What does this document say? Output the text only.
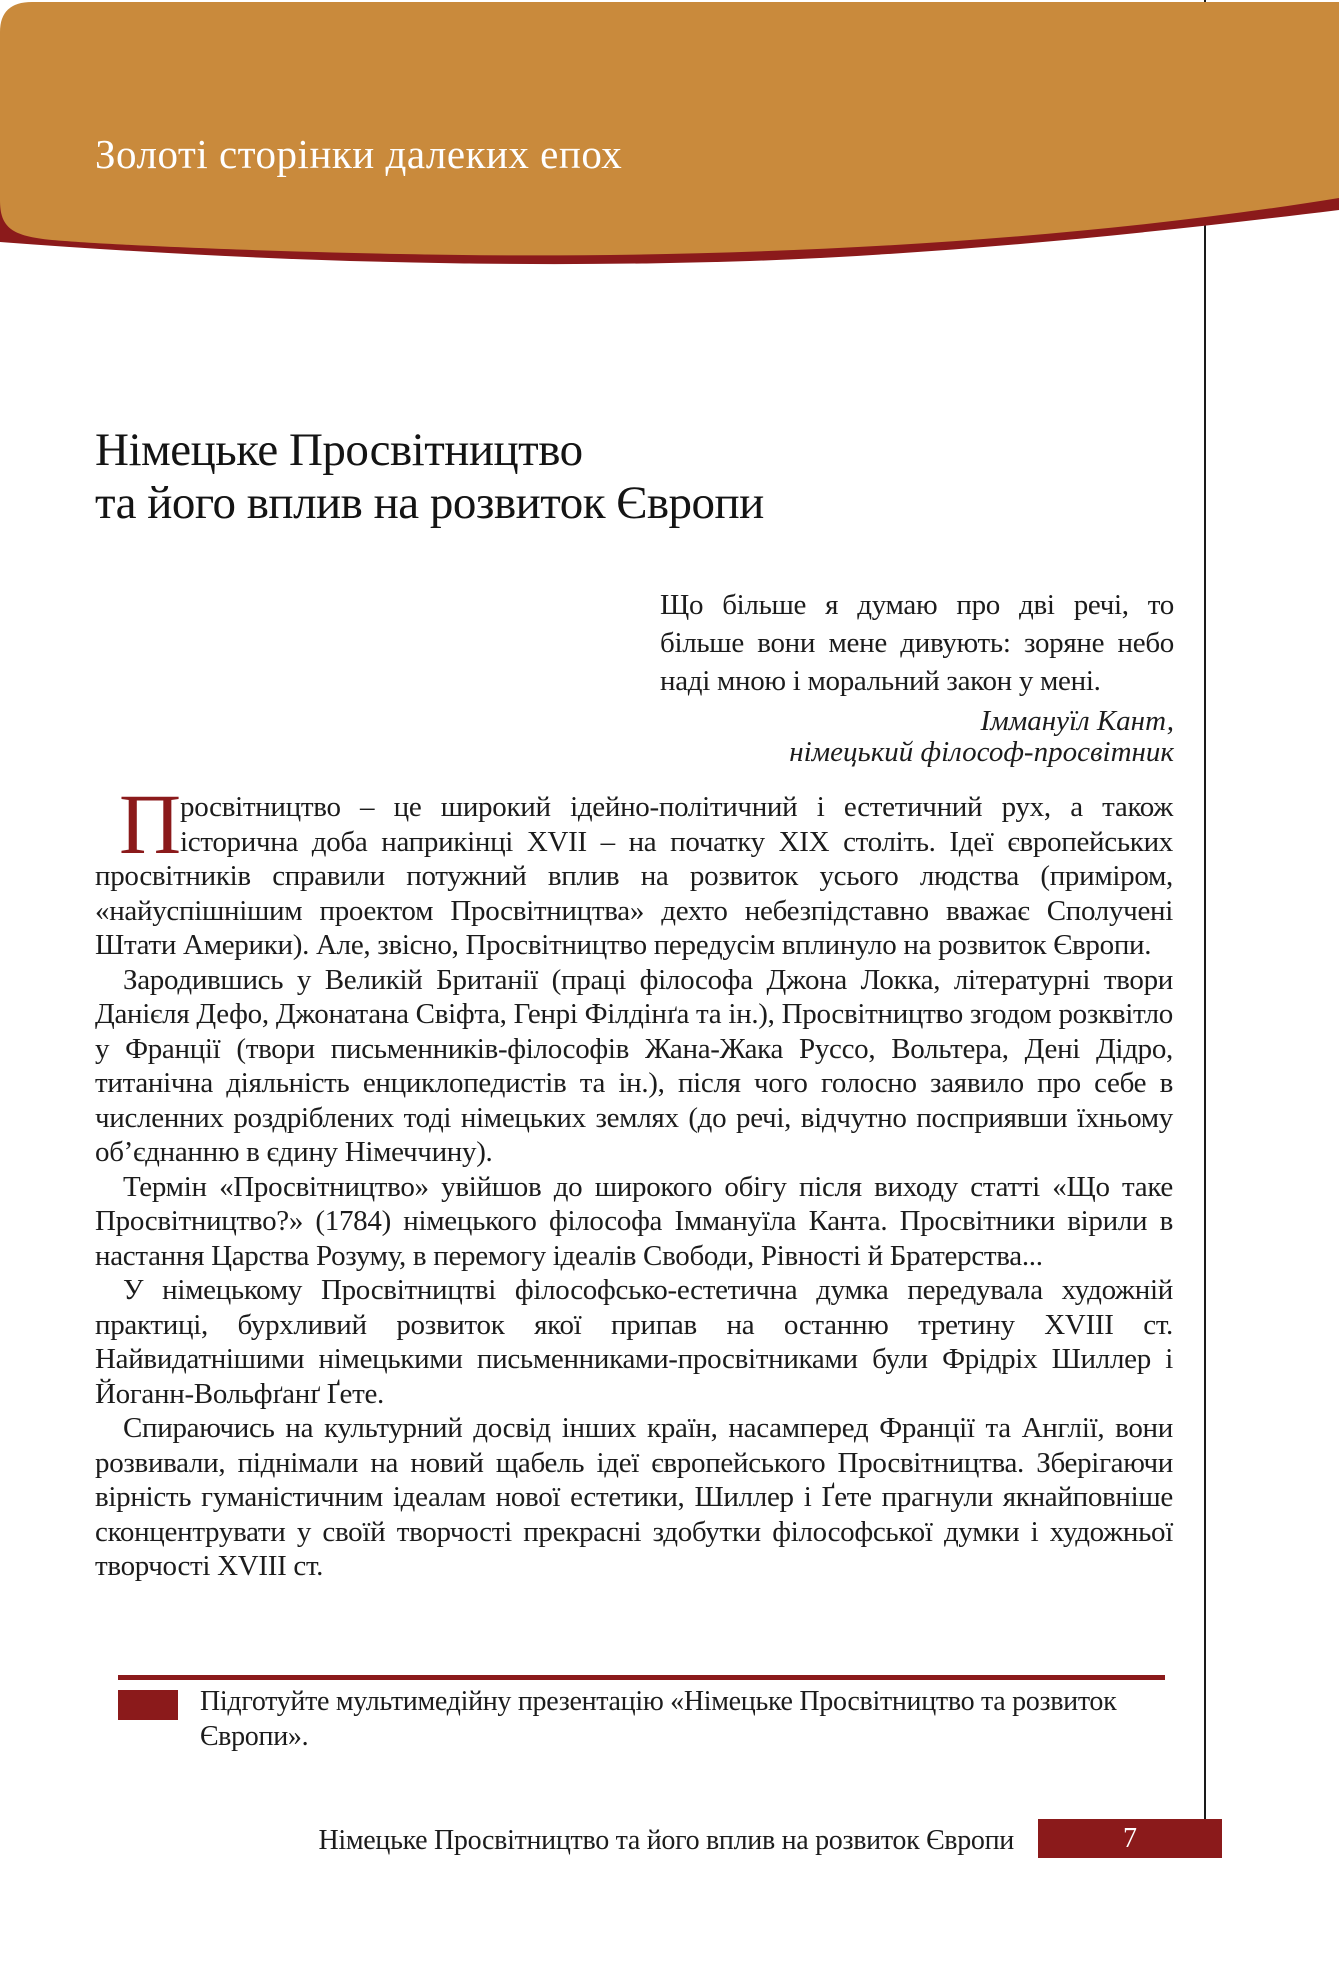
Золоті сторінки далеких епох
Німецьке Просвітництво
та його вплив на розвиток Європи

Що більше я думаю про дві речі, то більше вони мене дивують: зоряне небо наді мною і моральний закон у мені.

Іммануїл Кант,
німецький філософ-просвітник

Просвітництво – це широкий ідейно-політичний і естетичний рух, а також історична доба наприкінці XVII – на початку XIX століть. Ідеї європейських просвітників справили потужний вплив на розвиток усього людства (приміром, «найуспішнішим проектом Просвітництва» дехто небезпідставно вважає Сполучені Штати Америки). Але, звісно, Просвітництво передусім вплинуло на розвиток Європи.

Зародившись у Великій Британії (праці філософа Джона Локка, літературні твори Данієля Дефо, Джонатана Свіфта, Генрі Філдінґа та ін.), Просвітництво згодом розквітло у Франції (твори письменників-філософів Жана-Жака Руссо, Вольтера, Дені Дідро, титанічна діяльність енциклопедистів та ін.), після чого голосно заявило про себе в численних роздріблених тоді німецьких землях (до речі, відчутно посприявши їхньому об’єднанню в єдину Німеччину).

Термін «Просвітництво» увійшов до широкого обігу після виходу статті «Що таке Просвітництво?» (1784) німецького філософа Іммануїла Канта. Просвітники вірили в настання Царства Розуму, в перемогу ідеалів Свободи, Рівності й Братерства...

У німецькому Просвітництві філософсько-естетична думка передувала художній практиці, бурхливий розвиток якої припав на останню третину XVIII ст. Найвидатнішими німецькими письменниками-просвітниками були Фрідріх Шиллер і Йоганн-Вольфґанґ Ґете.

Спираючись на культурний досвід інших країн, насамперед Франції та Англії, вони розвивали, піднімали на новий щабель ідеї європейського Просвітництва. Зберігаючи вірність гуманістичним ідеалам нової естетики, Шиллер і Ґете прагнули якнайповніше сконцентрувати у своїй творчості прекрасні здобутки філософської думки і художньої творчості XVIII ст.

Підготуйте мультимедійну презентацію «Німецьке Просвітництво та розвиток Європи».
Німецьке Просвітництво та його вплив на розвиток Європи	7
